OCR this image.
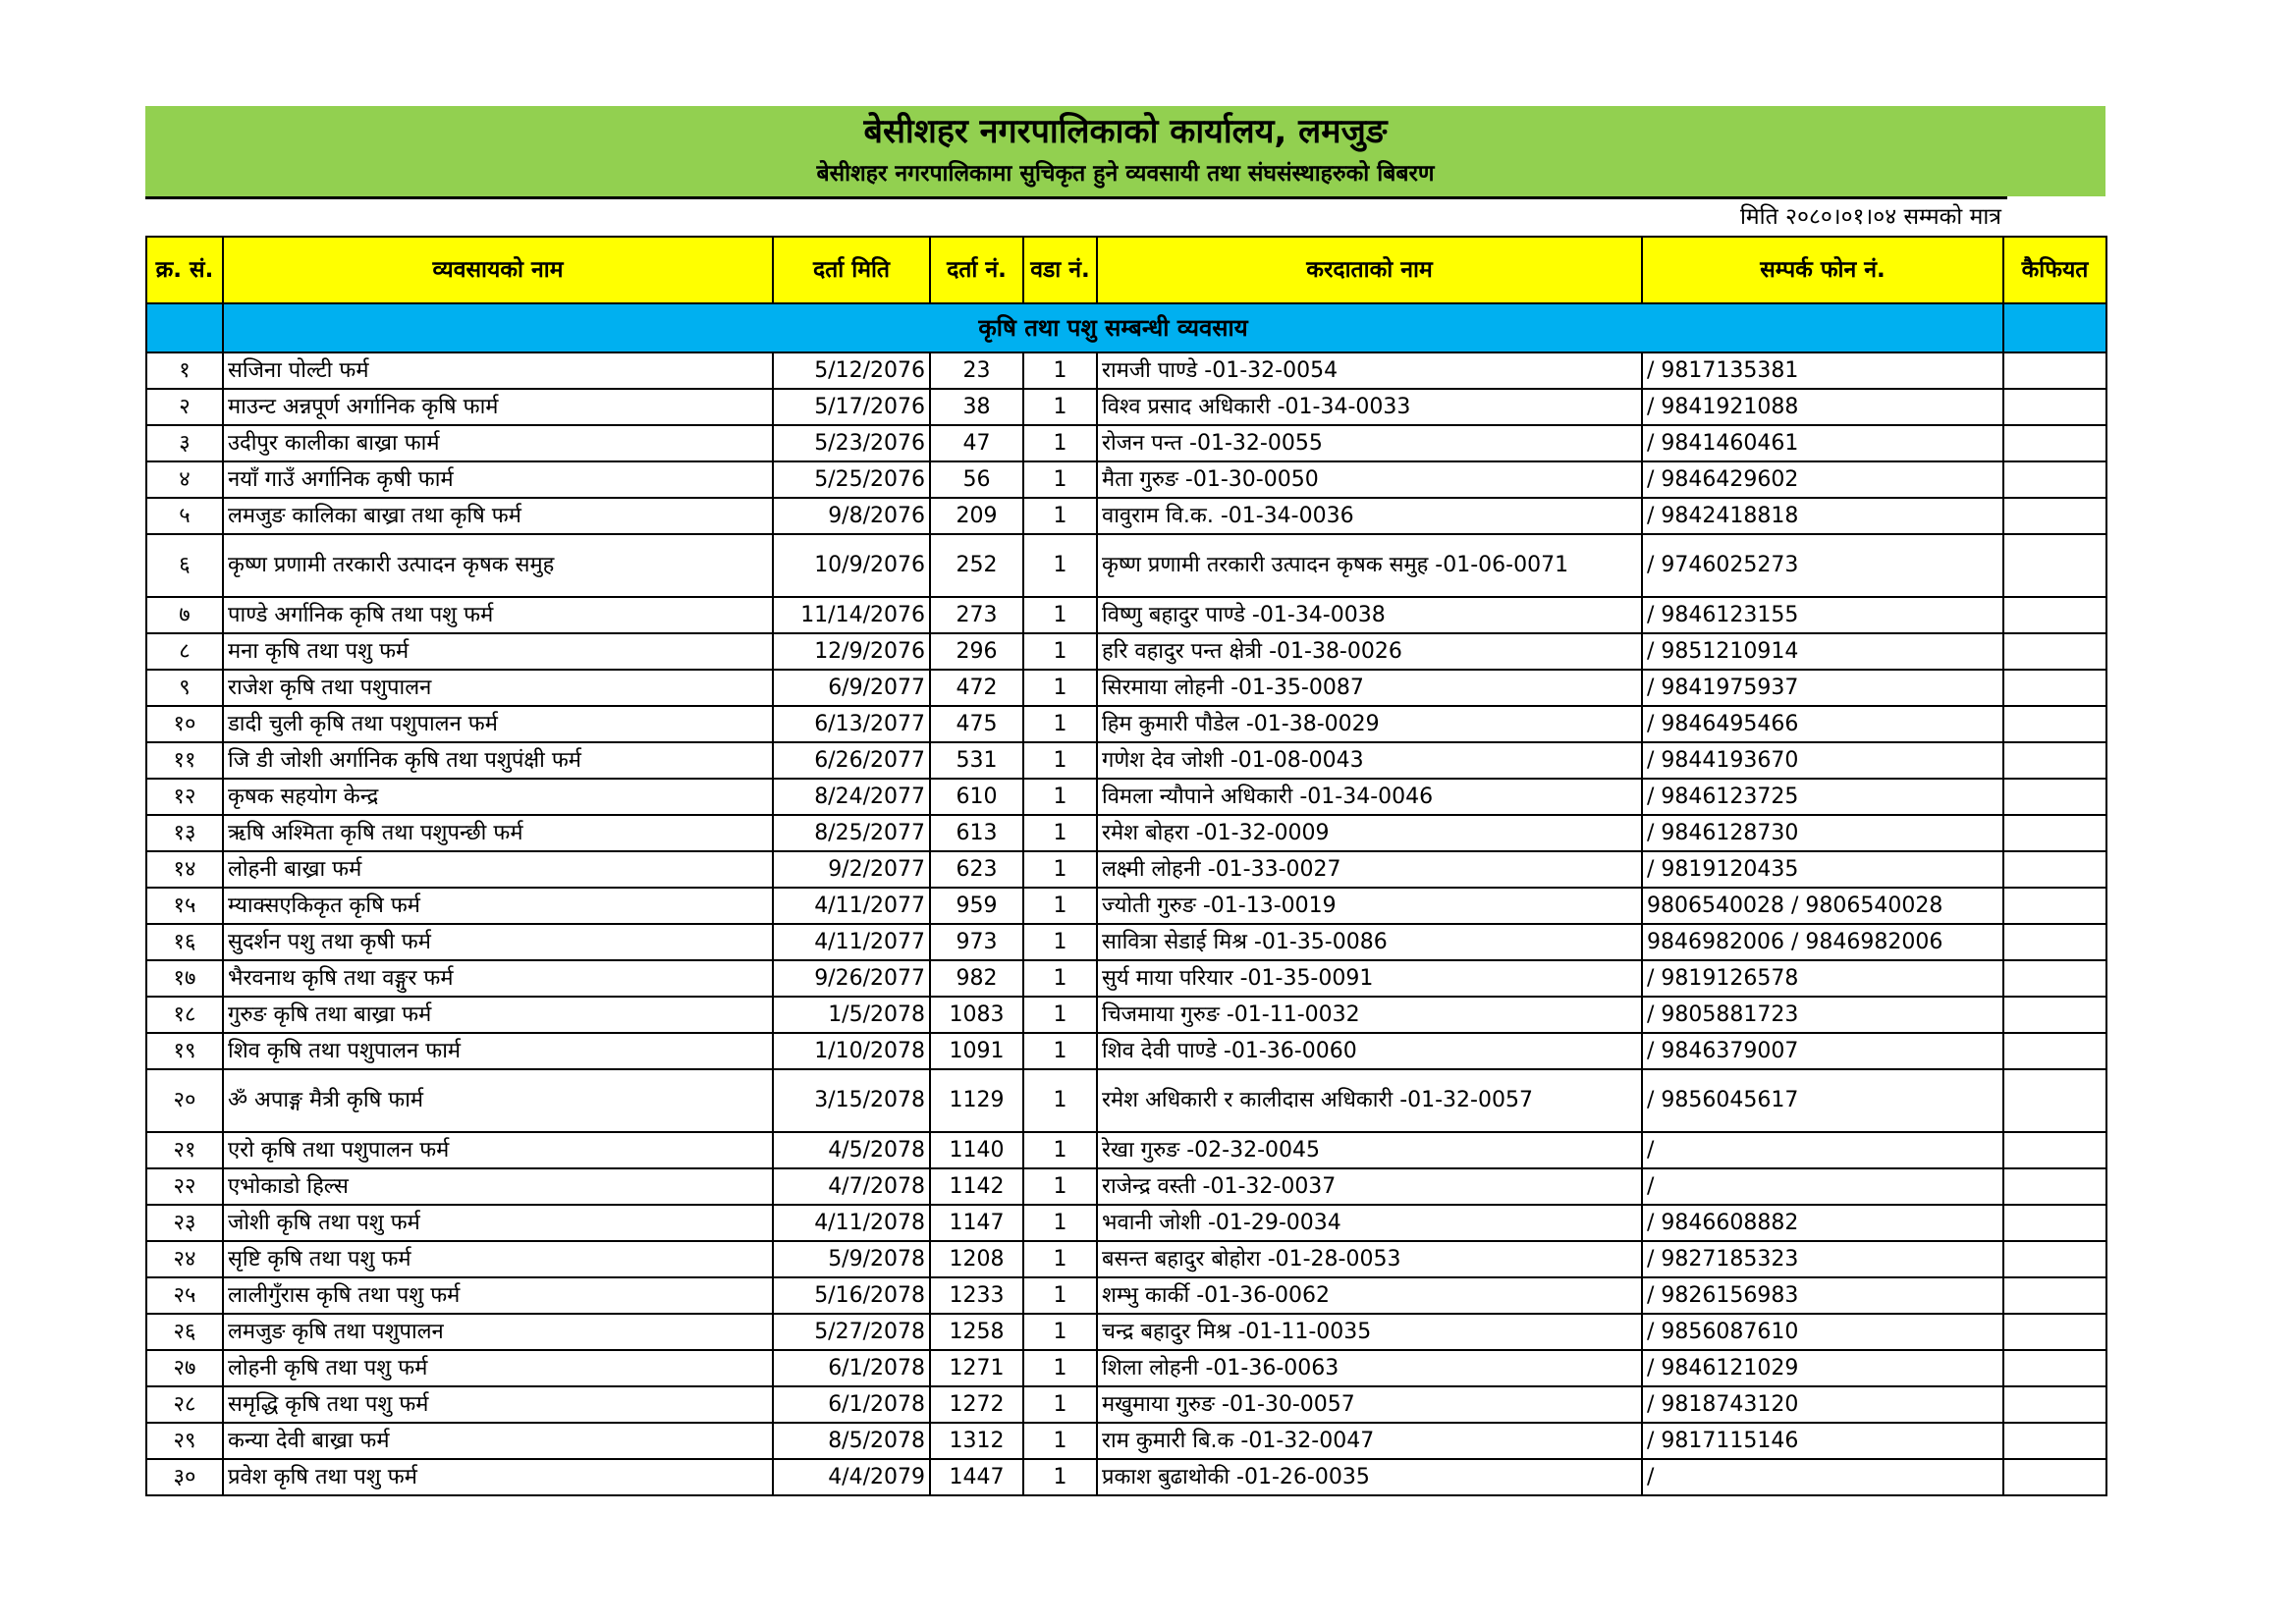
बेसीशहर नगरपालिकाको कार्यालय, लमजुङ
बेसीशहर नगरपालिकामा सुचिकृत हुने व्यवसायी तथा संघसंस्थाहरुको बिबरण
मिति २०८०।०१।०४ सम्मको मात्र
क्र. सं.	व्यवसायको नाम	दर्ता मिति	दर्ता नं.	वडा नं.	करदाताको नाम	सम्पर्क फोन नं.	कैफियत
	कृषि तथा पशु सम्बन्धी व्यवसाय						
१	सजिना पोल्टी फर्म	5/12/2076	23	1	रामजी पाण्डे -01-32-0054	/ 9817135381	
२	माउन्ट अन्नपूर्ण अर्गानिक कृषि फार्म	5/17/2076	38	1	विश्व प्रसाद अधिकारी -01-34-0033	/ 9841921088	
३	उदीपुर कालीका बाख्रा फार्म	5/23/2076	47	1	रोजन पन्त -01-32-0055	/ 9841460461	
४	नयाँ गाउँ अर्गानिक कृषी फार्म	5/25/2076	56	1	मैता गुरुङ -01-30-0050	/ 9846429602	
५	लमजुङ कालिका बाख्रा तथा कृषि फर्म	9/8/2076	209	1	वावुराम वि.क. -01-34-0036	/ 9842418818	
६	कृष्ण प्रणामी तरकारी उत्पादन कृषक समुह	10/9/2076	252	1	कृष्ण प्रणामी तरकारी उत्पादन कृषक समुह -01-06-0071	/ 9746025273	
७	पाण्डे अर्गानिक कृषि तथा पशु फर्म	11/14/2076	273	1	विष्णु बहादुर पाण्डे -01-34-0038	/ 9846123155	
८	मना कृषि तथा पशु फर्म	12/9/2076	296	1	हरि वहादुर पन्त क्षेत्री -01-38-0026	/ 9851210914	
९	राजेश कृषि तथा पशुपालन	6/9/2077	472	1	सिरमाया लोहनी -01-35-0087	/ 9841975937	
१०	डादी चुली कृषि तथा पशुपालन फर्म	6/13/2077	475	1	हिम कुमारी पौडेल -01-38-0029	/ 9846495466	
११	जि डी जोशी अर्गानिक कृषि तथा पशुपंक्षी फर्म	6/26/2077	531	1	गणेश देव जोशी -01-08-0043	/ 9844193670	
१२	कृषक सहयोग केन्द्र	8/24/2077	610	1	विमला न्यौपाने अधिकारी -01-34-0046	/ 9846123725	
१३	ऋषि अश्मिता कृषि तथा पशुपन्छी फर्म	8/25/2077	613	1	रमेश बोहरा -01-32-0009	/ 9846128730	
१४	लोहनी बाख्रा फर्म	9/2/2077	623	1	लक्ष्मी लोहनी -01-33-0027	/ 9819120435	
१५	म्याक्सएकिकृत कृषि फर्म	4/11/2077	959	1	ज्योती गुरुङ -01-13-0019	9806540028 / 9806540028	
१६	सुदर्शन पशु तथा कृषी फर्म	4/11/2077	973	1	सावित्रा सेडाई मिश्र -01-35-0086	9846982006 / 9846982006	
१७	भैरवनाथ कृषि तथा वङ्गुर फर्म	9/26/2077	982	1	सुर्य माया परियार -01-35-0091	/ 9819126578	
१८	गुरुङ कृषि तथा बाख्रा फर्म	1/5/2078	1083	1	चिजमाया गुरुङ -01-11-0032	/ 9805881723	
१९	शिव कृषि तथा पशुपालन फार्म	1/10/2078	1091	1	शिव देवी पाण्डे -01-36-0060	/ 9846379007	
२०	ॐ अपाङ्ग मैत्री कृषि फार्म	3/15/2078	1129	1	रमेश अधिकारी र कालीदास अधिकारी -01-32-0057	/ 9856045617	
२१	एरो कृषि तथा पशुपालन फर्म	4/5/2078	1140	1	रेखा गुरुङ -02-32-0045	/	
२२	एभोकाडो हिल्स	4/7/2078	1142	1	राजेन्द्र वस्ती -01-32-0037	/	
२३	जोशी कृषि तथा पशु फर्म	4/11/2078	1147	1	भवानी जोशी -01-29-0034	/ 9846608882	
२४	सृष्टि कृषि तथा पशु फर्म	5/9/2078	1208	1	बसन्त बहादुर बोहोरा -01-28-0053	/ 9827185323	
२५	लालीगुँरास कृषि तथा पशु फर्म	5/16/2078	1233	1	शम्भु कार्की -01-36-0062	/ 9826156983	
२६	लमजुङ कृषि तथा पशुपालन	5/27/2078	1258	1	चन्द्र बहादुर मिश्र -01-11-0035	/ 9856087610	
२७	लोहनी कृषि तथा पशु फर्म	6/1/2078	1271	1	शिला लोहनी -01-36-0063	/ 9846121029	
२८	समृद्धि कृषि तथा पशु फर्म	6/1/2078	1272	1	मखुमाया गुरुङ -01-30-0057	/ 9818743120	
२९	कन्या देवी बाख्रा फर्म	8/5/2078	1312	1	राम कुमारी बि.क -01-32-0047	/ 9817115146	
३०	प्रवेश कृषि तथा पशु फर्म	4/4/2079	1447	1	प्रकाश बुढाथोकी -01-26-0035	/	
